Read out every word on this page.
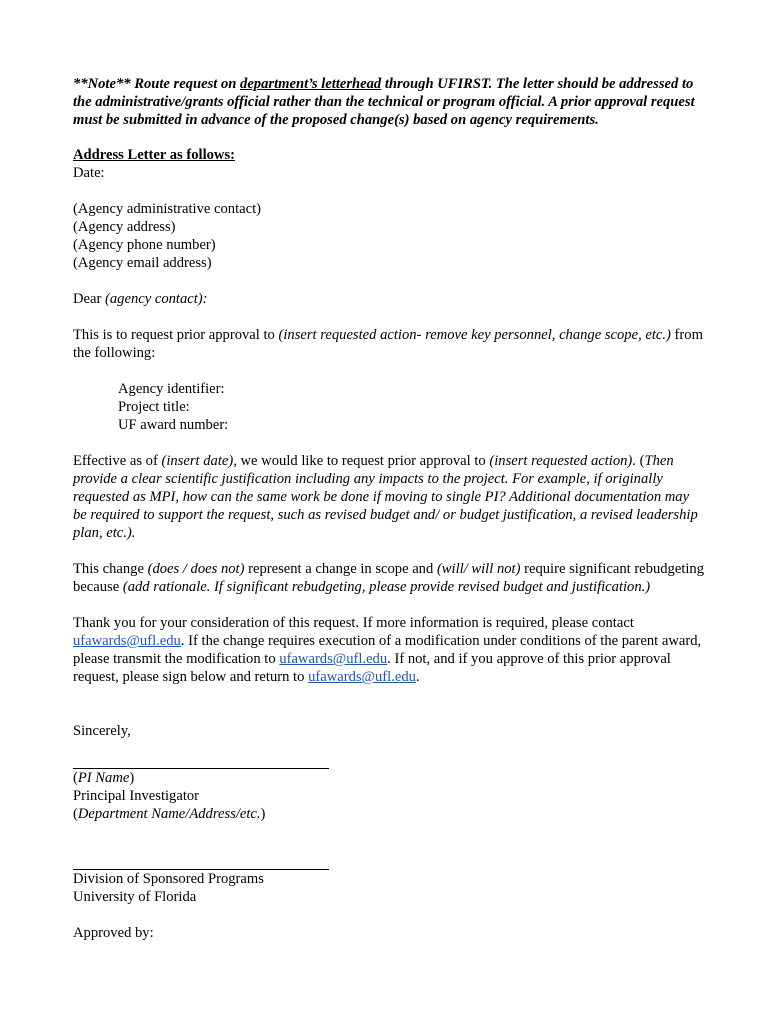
**Note** Route request on department’s letterhead through UFIRST. The letter should be addressed to the administrative/grants official rather than the technical or program official. A prior approval request must be submitted in advance of the proposed change(s) based on agency requirements.

Address Letter as follows:

Date:

(Agency administrative contact)

(Agency address)

(Agency phone number)

(Agency email address)

Dear (agency contact):

This is to request prior approval to (insert requested action- remove key personnel, change scope, etc.) from the following:

Agency identifier:

Project title:

UF award number:

Effective as of (insert date), we would like to request prior approval to (insert requested action). (Then provide a clear scientific justification including any impacts to the project. For example, if originally requested as MPI, how can the same work be done if moving to single PI? Additional documentation may be required to support the request, such as revised budget and/ or budget justification, a revised leadership plan, etc.).

This change (does / does not) represent a change in scope and (will/ will not) require significant rebudgeting because (add rationale. If significant rebudgeting, please provide revised budget and justification.)

Thank you for your consideration of this request. If more information is required, please contact ufawards@ufl.edu. If the change requires execution of a modification under conditions of the parent award, please transmit the modification to ufawards@ufl.edu. If not, and if you approve of this prior approval request, please sign below and return to ufawards@ufl.edu.

Sincerely,

(PI Name)

Principal Investigator

(Department Name/Address/etc.)

Division of Sponsored Programs

University of Florida

Approved by:
